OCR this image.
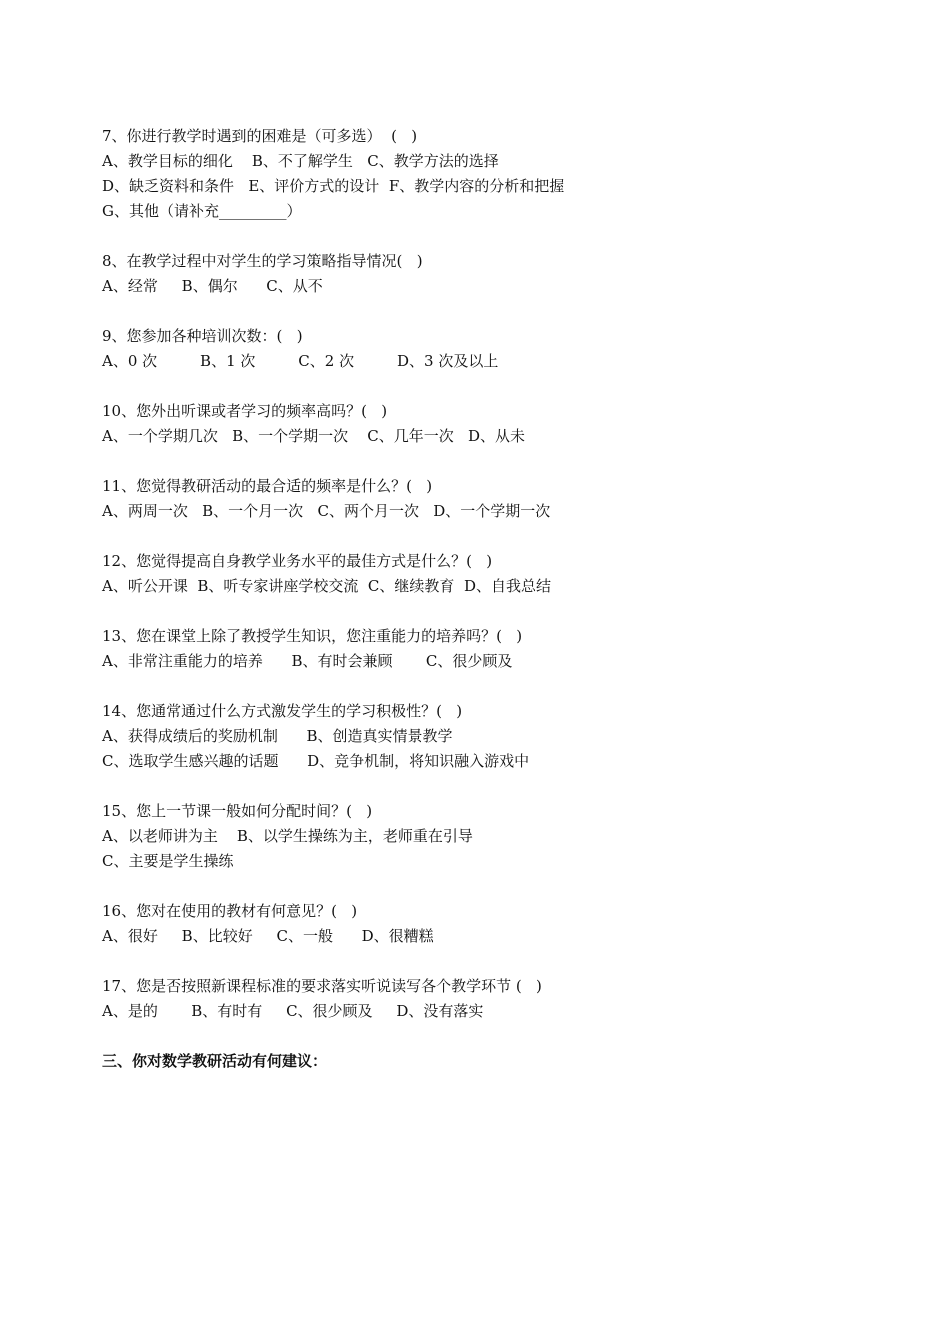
7、你进行教学时遇到的困难是（可多选）  (   )
A、教学目标的细化    B、不了解学生   C、教学方法的选择
D、缺乏资料和条件   E、评价方式的设计  F、教学内容的分析和把握
G、其他（请补充_________）
8、在教学过程中对学生的学习策略指导情况(   )
A、经常     B、偶尔      C、从不
9、您参加各种培训次数：(   )
A、0 次         B、1 次         C、2 次         D、3 次及以上
10、您外出听课或者学习的频率高吗？(   )
A、一个学期几次   B、一个学期一次    C、几年一次   D、从未
11、您觉得教研活动的最合适的频率是什么？(   )
A、两周一次   B、一个月一次   C、两个月一次   D、一个学期一次
12、您觉得提高自身教学业务水平的最佳方式是什么？(   )
A、听公开课  B、听专家讲座学校交流  C、继续教育  D、自我总结
13、您在课堂上除了教授学生知识，您注重能力的培养吗？(   )
A、非常注重能力的培养      B、有时会兼顾       C、很少顾及
14、您通常通过什么方式激发学生的学习积极性？(   )
A、获得成绩后的奖励机制      B、创造真实情景教学
C、选取学生感兴趣的话题      D、竞争机制，将知识融入游戏中
15、您上一节课一般如何分配时间？(   )
A、以老师讲为主    B、以学生操练为主，老师重在引导
C、主要是学生操练
16、您对在使用的教材有何意见？(   )
A、很好     B、比较好     C、一般      D、很糟糕
17、您是否按照新课程标准的要求落实听说读写各个教学环节 (   )
A、是的       B、有时有     C、很少顾及     D、没有落实
三、你对数学教研活动有何建议：
